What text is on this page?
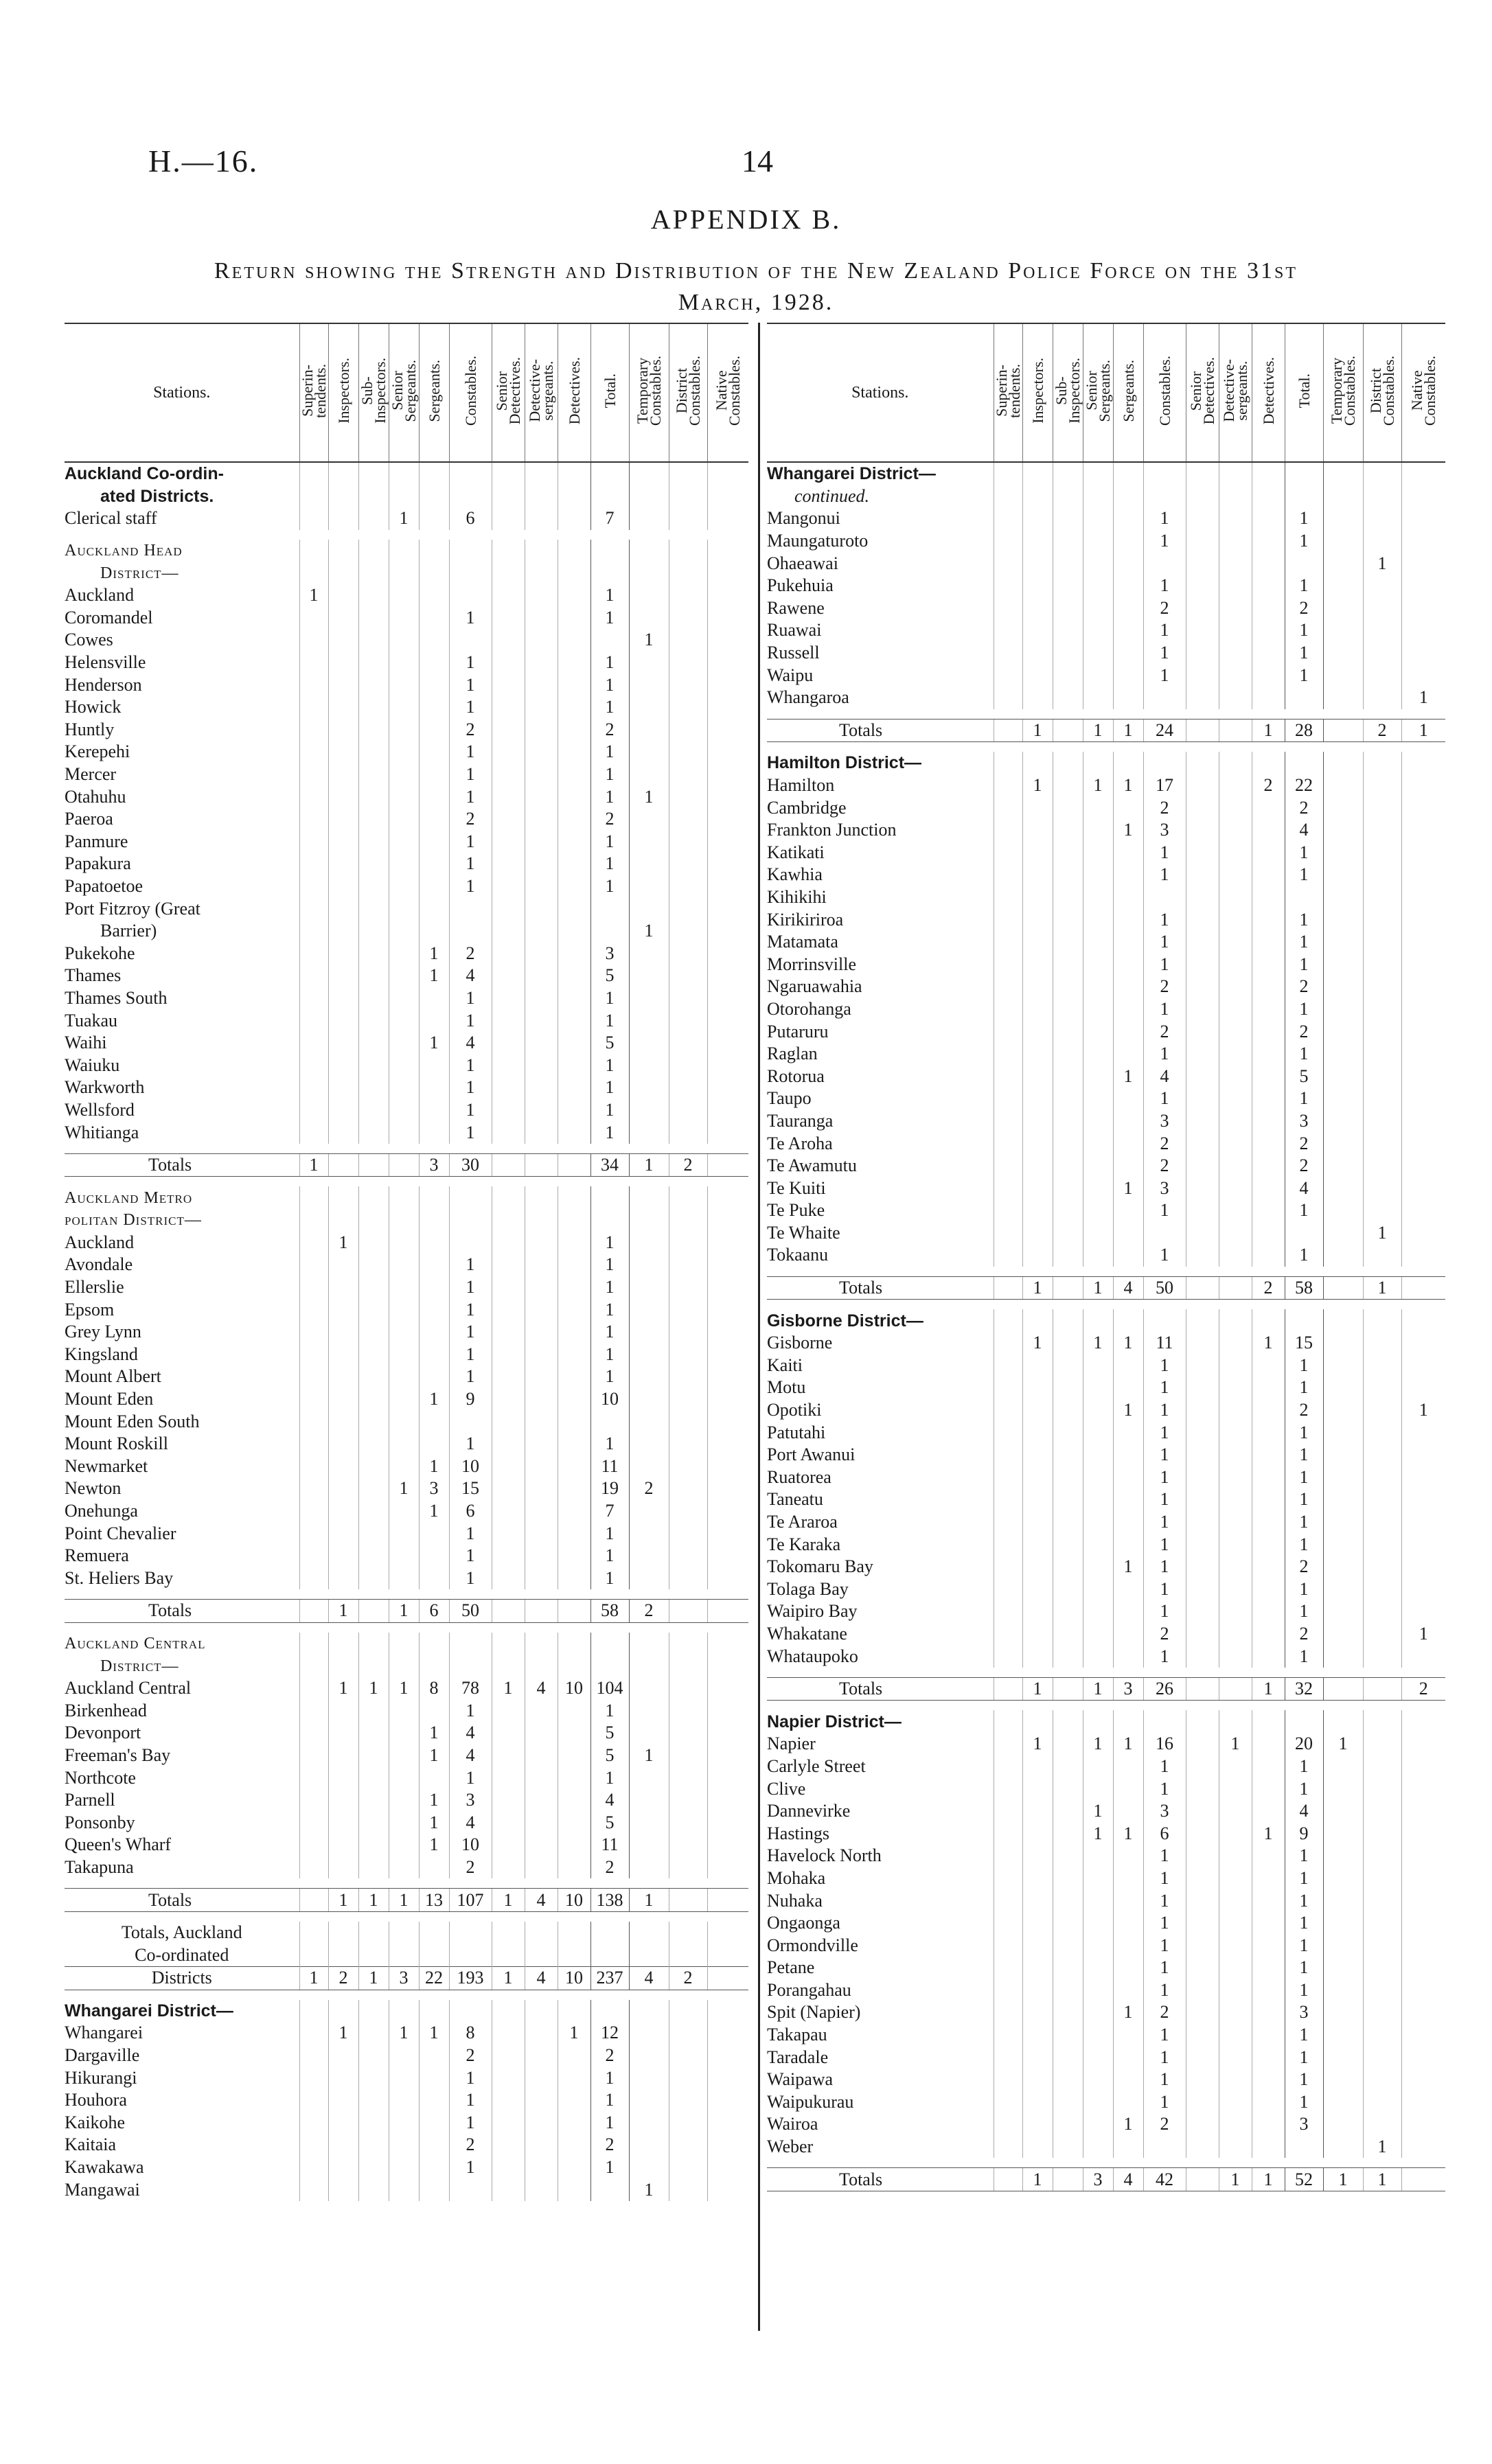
H.—16.	14
APPENDIX B.
Return showing the Strength and Distribution of the New Zealand Police Force on the 31st
March, 1928.
Stations.	Superin-
tendents.	Inspectors.	Sub-
Inspectors.	Senior
Sergeants.	Sergeants.	Constables.	Senior
Detectives.	Detective-
sergeants.	Detectives.	Total.	Temporary
Constables.	District
Constables.	Native
Constables.
Auckland Co-ordin-													
ated Districts.													
Clerical staff				1		6				7			

Auckland Head													
District—													
Auckland	1									1			
Coromandel						1				1			
Cowes											1		
Helensville						1				1			
Henderson						1				1			
Howick						1				1			
Huntly						2				2			
Kerepehi						1				1			
Mercer						1				1			
Otahuhu						1				1	1		
Paeroa						2				2			
Panmure						1				1			
Papakura						1				1			
Papatoetoe						1				1			
Port Fitzroy (Great													
Barrier)											1		
Pukekohe					1	2				3			
Thames					1	4				5			
Thames South						1				1			
Tuakau						1				1			
Waihi					1	4				5			
Waiuku						1				1			
Warkworth						1				1			
Wellsford						1				1			
Whitianga						1				1			

Totals	1				3	30				34	1	2	

Auckland Metro													
politan District—													
Auckland		1								1			
Avondale						1				1			
Ellerslie						1				1			
Epsom						1				1			
Grey Lynn						1				1			
Kingsland						1				1			
Mount Albert						1				1			
Mount Eden					1	9				10			
Mount Eden South													
Mount Roskill						1				1			
Newmarket					1	10				11			
Newton				1	3	15				19	2		
Onehunga					1	6				7			
Point Chevalier						1				1			
Remuera						1				1			
St. Heliers Bay						1				1			

Totals		1		1	6	50				58	2		

Auckland Central													
District—													
Auckland Central		1	1	1	8	78	1	4	10	104			
Birkenhead						1				1			
Devonport					1	4				5			
Freeman's Bay					1	4				5	1		
Northcote						1				1			
Parnell					1	3				4			
Ponsonby					1	4				5			
Queen's Wharf					1	10				11			
Takapuna						2				2			

Totals		1	1	1	13	107	1	4	10	138	1		

Totals, Auckland													
Co-ordinated													
Districts	1	2	1	3	22	193	1	4	10	237	4	2	

Whangarei District—													
Whangarei		1		1	1	8			1	12			
Dargaville						2				2			
Hikurangi						1				1			
Houhora						1				1			
Kaikohe						1				1			
Kaitaia						2				2			
Kawakawa						1				1			
Mangawai											1		
Stations.	Superin-
tendents.	Inspectors.	Sub-
Inspectors.	Senior
Sergeants.	Sergeants.	Constables.	Senior
Detectives.	Detective-
sergeants.	Detectives.	Total.	Temporary
Constables.	District
Constables.	Native
Constables.
Whangarei District—													
continued.													
Mangonui						1				1			
Maungaturoto						1				1			
Ohaeawai												1	
Pukehuia						1				1			
Rawene						2				2			
Ruawai						1				1			
Russell						1				1			
Waipu						1				1			
Whangaroa													1

Totals		1		1	1	24			1	28		2	1

Hamilton District—													
Hamilton		1		1	1	17			2	22			
Cambridge						2				2			
Frankton Junction					1	3				4			
Katikati						1				1			
Kawhia						1				1			
Kihikihi													
Kirikiriroa						1				1			
Matamata						1				1			
Morrinsville						1				1			
Ngaruawahia						2				2			
Otorohanga						1				1			
Putaruru						2				2			
Raglan						1				1			
Rotorua					1	4				5			
Taupo						1				1			
Tauranga						3				3			
Te Aroha						2				2			
Te Awamutu						2				2			
Te Kuiti					1	3				4			
Te Puke						1				1			
Te Whaite												1	
Tokaanu						1				1			

Totals		1		1	4	50			2	58		1	

Gisborne District—													
Gisborne		1		1	1	11			1	15			
Kaiti						1				1			
Motu						1				1			
Opotiki					1	1				2			1
Patutahi						1				1			
Port Awanui						1				1			
Ruatorea						1				1			
Taneatu						1				1			
Te Araroa						1				1			
Te Karaka						1				1			
Tokomaru Bay					1	1				2			
Tolaga Bay						1				1			
Waipiro Bay						1				1			
Whakatane						2				2			1
Whataupoko						1				1			

Totals		1		1	3	26			1	32			2

Napier District—													
Napier		1		1	1	16		1		20	1		
Carlyle Street						1				1			
Clive						1				1			
Dannevirke				1		3				4			
Hastings				1	1	6			1	9			
Havelock North						1				1			
Mohaka						1				1			
Nuhaka						1				1			
Ongaonga						1				1			
Ormondville						1				1			
Petane						1				1			
Porangahau						1				1			
Spit (Napier)					1	2				3			
Takapau						1				1			
Taradale						1				1			
Waipawa						1				1			
Waipukurau						1				1			
Wairoa					1	2				3			
Weber												1	

Totals		1		3	4	42		1	1	52	1	1	
